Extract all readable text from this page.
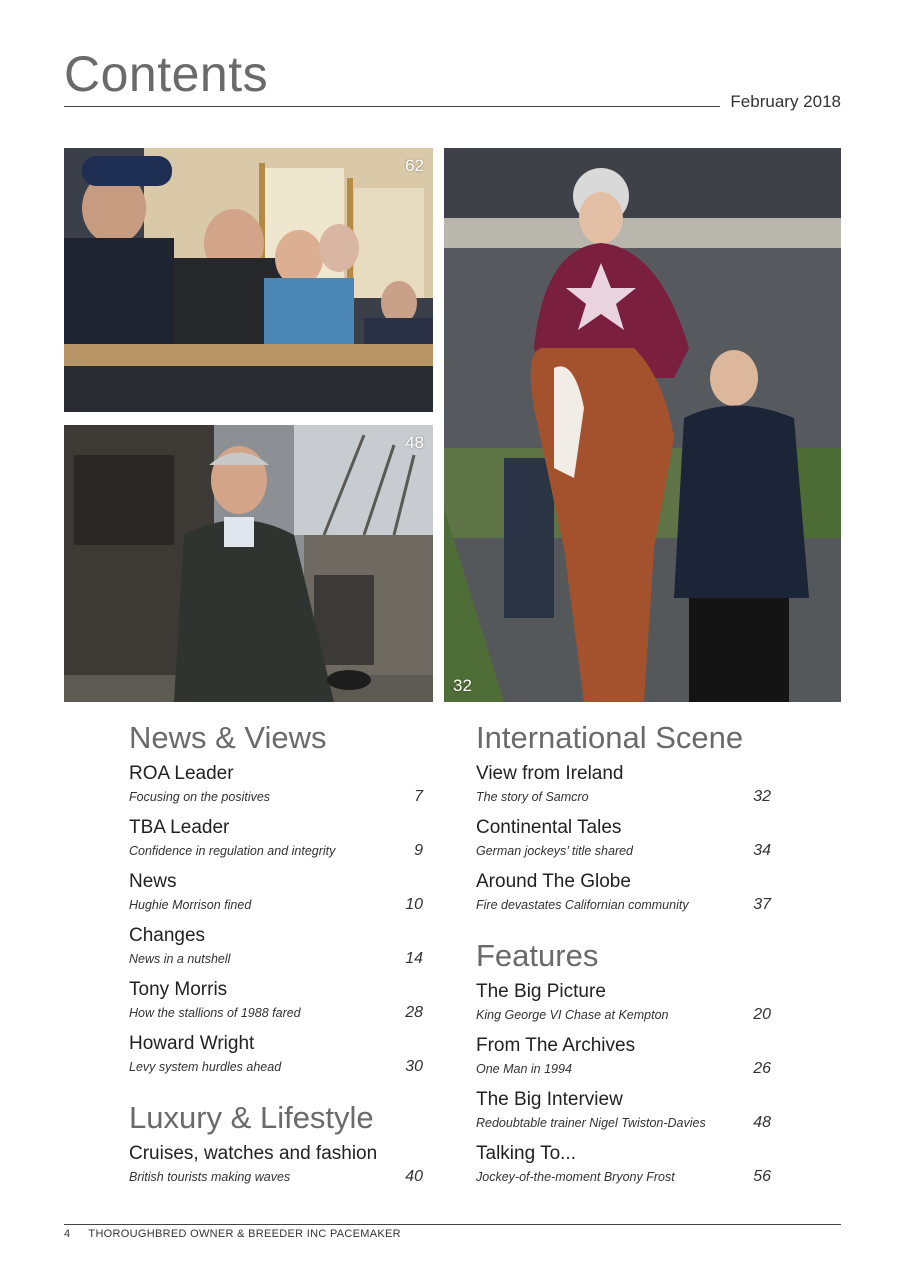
Contents	February 2018
62
48
32
News & Views
ROA Leader
Focusing on the positives	7
TBA Leader
Confidence in regulation and integrity	9
News
Hughie Morrison fined	10
Changes
News in a nutshell	14
Tony Morris
How the stallions of 1988 fared	28
Howard Wright
Levy system hurdles ahead	30
Luxury & Lifestyle
Cruises, watches and fashion
British tourists making waves	40
International Scene
View from Ireland
The story of Samcro	32
Continental Tales
German jockeys’ title shared	34
Around The Globe
Fire devastates Californian community	37
Features
The Big Picture
King George VI Chase at Kempton	20
From The Archives
One Man in 1994	26
The Big Interview
Redoubtable trainer Nigel Twiston-Davies	48
Talking To...
Jockey-of-the-moment Bryony Frost	56
4 THOROUGHBRED OWNER & BREEDER INC PACEMAKER
